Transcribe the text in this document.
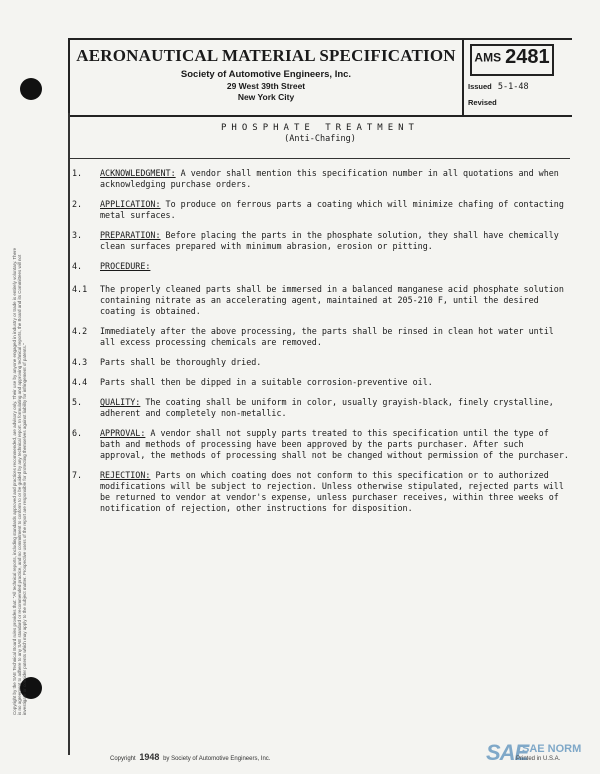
Copyright by the SAE Technical Board rules provides that: "All technical reports, including standards approved and practices recommended, are advisory only. Their use by anyone engaged in industry or trade is entirely voluntary. There is no agreement to adhere to any SAE standard or recommended practice, and no commitment to conform to or be guided by any technical report. In formulating and approving technical reports, the Board and its Committees will not investigate or consider patents which may apply to the subject matter. Prospective users of the report are responsible for protecting themselves against liability for infringement of patents."
AERONAUTICAL MATERIAL SPECIFICATION
Society of Automotive Engineers, Inc.
29 West 39th Street
New York City
AMS 2481
Issued 5-1-48
Revised
PHOSPHATE TREATMENT
(Anti-Chafing)
1. ACKNOWLEDGMENT: A vendor shall mention this specification number in all quotations and when acknowledging purchase orders.
2. APPLICATION: To produce on ferrous parts a coating which will minimize chafing of contacting metal surfaces.
3. PREPARATION: Before placing the parts in the phosphate solution, they shall have chemically clean surfaces prepared with minimum abrasion, erosion or pitting.
4. PROCEDURE:
4.1 The properly cleaned parts shall be immersed in a balanced manganese acid phosphate solution containing nitrate as an accelerating agent, maintained at 205-210 F, until the desired coating is obtained.
4.2 Immediately after the above processing, the parts shall be rinsed in clean hot water until all excess processing chemicals are removed.
4.3 Parts shall be thoroughly dried.
4.4 Parts shall then be dipped in a suitable corrosion-preventive oil.
5. QUALITY: The coating shall be uniform in color, usually grayish-black, finely crystalline, adherent and completely non-metallic.
6. APPROVAL: A vendor shall not supply parts treated to this specification until the type of bath and methods of processing have been approved by the parts purchaser. After such approval, the methods of processing shall not be changed without permission of the purchaser.
7. REJECTION: Parts on which coating does not conform to this specification or to authorized modifications will be subject to rejection. Unless otherwise stipulated, rejected parts will be returned to vendor at vendor's expense, unless purchaser receives, within three weeks of notification of rejection, other instructions for disposition.
Copyright 1948 by Society of Automotive Engineers, Inc.	SAE
SAE NORM
Printed in U.S.A.
